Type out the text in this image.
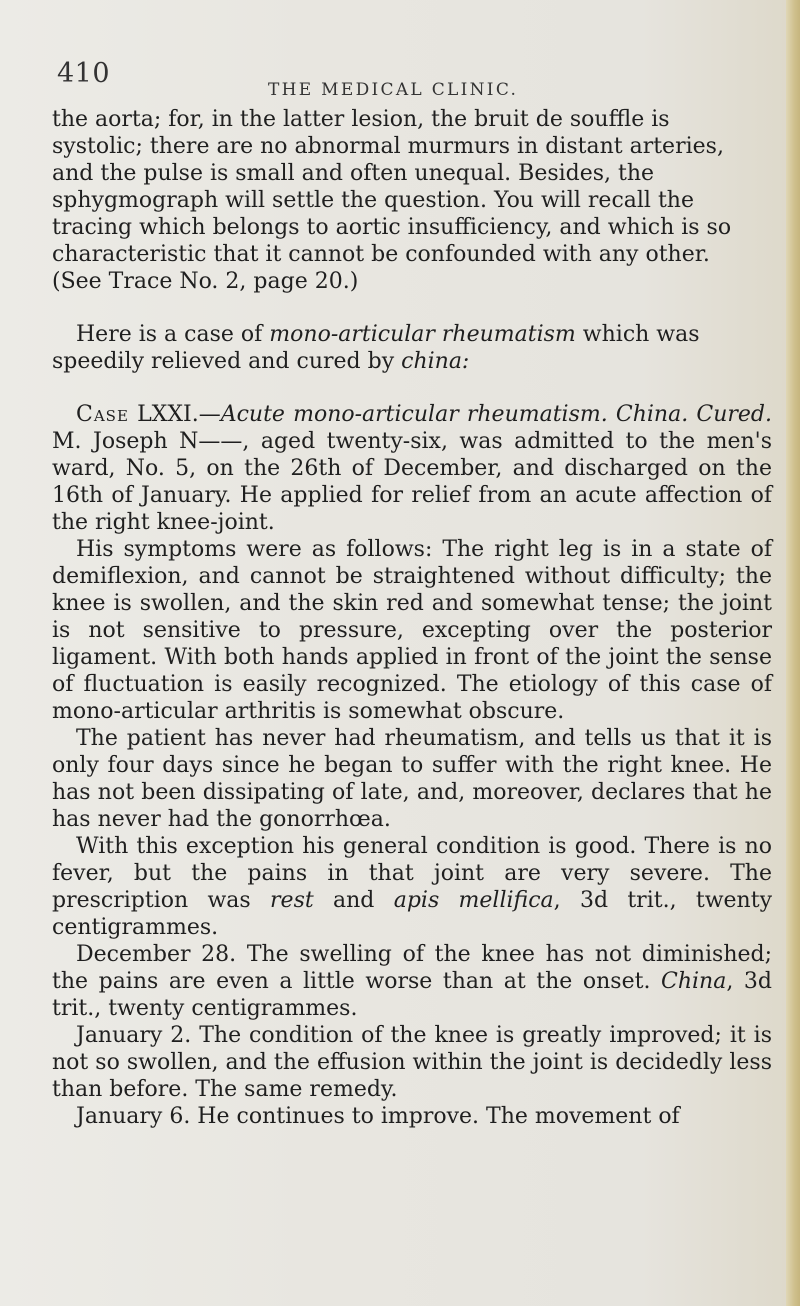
410
THE MEDICAL CLINIC.

the aorta; for, in the latter lesion, the bruit de souffle is

systolic; there are no abnormal murmurs in distant arteries,

and the pulse is small and often unequal. Besides, the

sphygmograph will settle the question. You will recall the

tracing which belongs to aortic insufficiency, and which is so

characteristic that it cannot be confounded with any other.

(See Trace No. 2, page 20.)

Here is a case of mono-articular rheumatism which was speedily relieved and cured by china:

Case LXXI.—Acute mono-articular rheumatism. China. Cured. M. Joseph N——, aged twenty-six, was admitted to the men's ward, No. 5, on the 26th of December, and discharged on the 16th of January. He applied for relief from an acute affection of the right knee-joint.

His symptoms were as follows: The right leg is in a state of demiflexion, and cannot be straightened without difficulty; the knee is swollen, and the skin red and somewhat tense; the joint is not sensitive to pressure, excepting over the posterior ligament. With both hands applied in front of the joint the sense of fluctuation is easily recognized. The etiology of this case of mono-articular arthritis is somewhat obscure.

The patient has never had rheumatism, and tells us that it is only four days since he began to suffer with the right knee. He has not been dissipating of late, and, moreover, declares that he has never had the gonorrhœa.

With this exception his general condition is good. There is no fever, but the pains in that joint are very severe. The prescription was rest and apis mellifica, 3d trit., twenty centigrammes.

December 28. The swelling of the knee has not diminished; the pains are even a little worse than at the onset. China, 3d trit., twenty centigrammes.

January 2. The condition of the knee is greatly improved; it is not so swollen, and the effusion within the joint is decidedly less than before. The same remedy.

January 6. He continues to improve. The movement of
